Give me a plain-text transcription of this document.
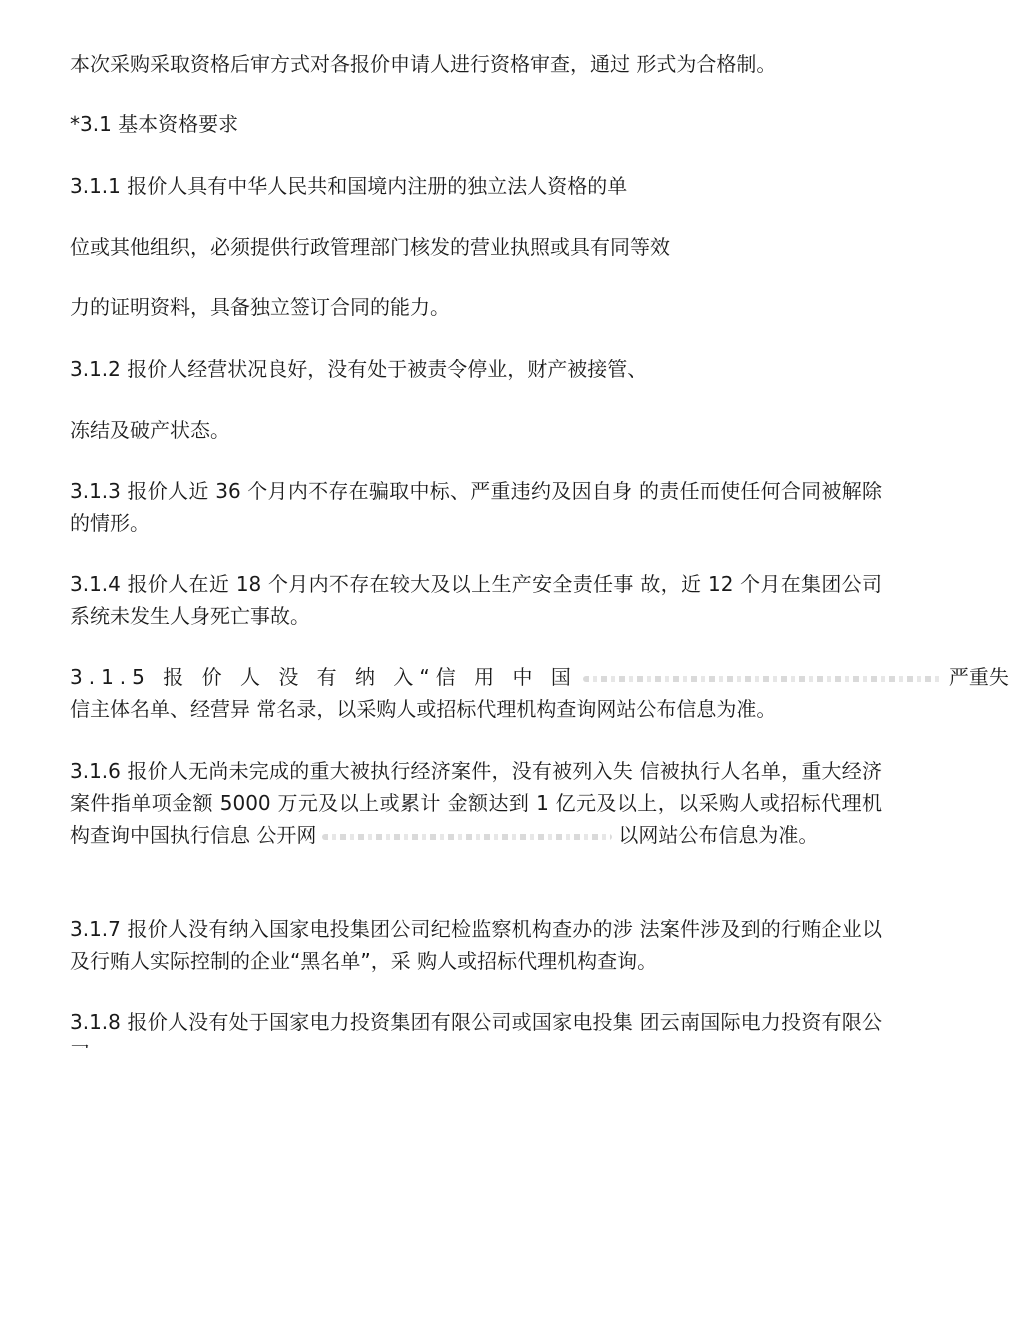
本次采购采取资格后审方式对各报价申请人进行资格审查，通过 形式为合格制。
*3.1 基本资格要求
3.1.1 报价人具有中华人民共和国境内注册的独立法人资格的单
位或其他组织，必须提供行政管理部门核发的营业执照或具有同等效
力的证明资料，具备独立签订合同的能力。
3.1.2 报价人经营状况良好，没有处于被责令停业，财产被接管、
冻结及破产状态。
3.1.3 报价人近 36 个月内不存在骗取中标、严重违约及因自身 的责任而使任何合同被解除的情形。
3.1.4 报价人在近 18 个月内不存在较大及以上生产安全责任事 故，近 12 个月在集团公司系统未发生人身死亡事故。
3.1.5 报 价 人 没 有 纳 入“信 用 中 国	严重失
信主体名单、经营异 常名录，以采购人或招标代理机构查询网站公布信息为准。
3.1.6 报价人无尚未完成的重大被执行经济案件，没有被列入失 信被执行人名单，重大经济案件指单项金额 5000 万元及以上或累计 金额达到 1 亿元及以上，以采购人或招标代理机构查询中国执行信息 公开网	以网站公布信息为准。
3.1.7 报价人没有纳入国家电投集团公司纪检监察机构查办的涉 法案件涉及到的行贿企业以及行贿人实际控制的企业“黑名单”，采 购人或招标代理机构查询。
3.1.8 报价人没有处于国家电力投资集团有限公司或国家电投集 团云南国际电力投资有限公
